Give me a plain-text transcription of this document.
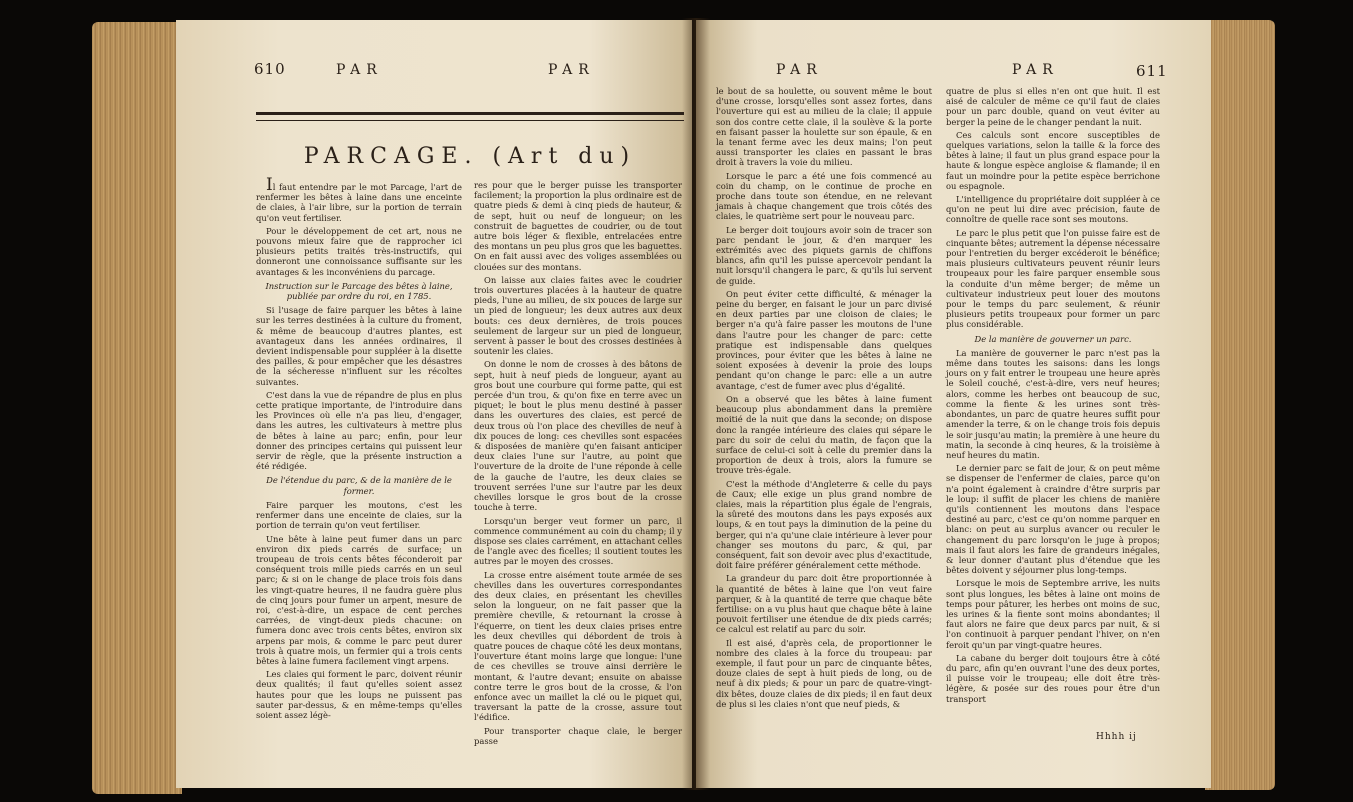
610	PAR	PAR
PARCAGE. (Art du)

Il faut entendre par le mot Parcage, l'art de renfermer les bêtes à laine dans une enceinte de claies, à l'air libre, sur la portion de terrain qu'on veut fertiliser.

Pour le développement de cet art, nous ne pouvons mieux faire que de rapprocher ici plusieurs petits traités très-instructifs, qui donneront une connoissance suffisante sur les avantages & les inconvéniens du parcage.

Instruction sur le Parcage des bêtes à laine, publiée par ordre du roi, en 1785.

Si l'usage de faire parquer les bêtes à laine sur les terres destinées à la culture du froment, & même de beaucoup d'autres plantes, est avantageux dans les années ordinaires, il devient indispensable pour suppléer à la disette des pailles, & pour empêcher que les désastres de la sécheresse n'influent sur les récoltes suivantes.

C'est dans la vue de répandre de plus en plus cette pratique importante, de l'introduire dans les Provinces où elle n'a pas lieu, d'engager, dans les autres, les cultivateurs à mettre plus de bêtes à laine au parc; enfin, pour leur donner des principes certains qui puissent leur servir de règle, que la présente instruction a été rédigée.

De l'étendue du parc, & de la manière de le former.

Faire parquer les moutons, c'est les renfermer dans une enceinte de claies, sur la portion de terrain qu'on veut fertiliser.

Une bête à laine peut fumer dans un parc environ dix pieds carrés de surface; un troupeau de trois cents bêtes féconderoit par conséquent trois mille pieds carrés en un seul parc; & si on le change de place trois fois dans les vingt-quatre heures, il ne faudra guère plus de cinq jours pour fumer un arpent, mesure de roi, c'est-à-dire, un espace de cent perches carrées, de vingt-deux pieds chacune: on fumera donc avec trois cents bêtes, environ six arpens par mois, & comme le parc peut durer trois à quatre mois, un fermier qui a trois cents bêtes à laine fumera facilement vingt arpens.

Les claies qui forment le parc, doivent réunir deux qualités; il faut qu'elles soient assez hautes pour que les loups ne puissent pas sauter par-dessus, & en même-temps qu'elles soient assez légè-

res pour que le berger puisse les transporter facilement; la proportion la plus ordinaire est de quatre pieds & demi à cinq pieds de hauteur, & de sept, huit ou neuf de longueur; on les construit de baguettes de coudrier, ou de tout autre bois léger & flexible, entrelacées entre des montans un peu plus gros que les baguettes. On en fait aussi avec des voliges assemblées ou clouées sur des montans.

On laisse aux claies faites avec le coudrier trois ouvertures placées à la hauteur de quatre pieds, l'une au milieu, de six pouces de large sur un pied de longueur; les deux autres aux deux bouts: ces deux dernières, de trois pouces seulement de largeur sur un pied de longueur, servent à passer le bout des crosses destinées à soutenir les claies.

On donne le nom de crosses à des bâtons de sept, huit à neuf pieds de longueur, ayant au gros bout une courbure qui forme patte, qui est percée d'un trou, & qu'on fixe en terre avec un piquet; le bout le plus menu destiné à passer dans les ouvertures des claies, est percé de deux trous où l'on place des chevilles de neuf à dix pouces de long: ces chevilles sont espacées & disposées de manière qu'en faisant anticiper deux claies l'une sur l'autre, au point que l'ouverture de la droite de l'une réponde à celle de la gauche de l'autre, les deux claies se trouvent serrées l'une sur l'autre par les deux chevilles lorsque le gros bout de la crosse touche à terre.

Lorsqu'un berger veut former un parc, il commence communément au coin du champ; il y dispose ses claies carrément, en attachant celles de l'angle avec des ficelles; il soutient toutes les autres par le moyen des crosses.

La crosse entre aisément toute armée de ses chevilles dans les ouvertures correspondantes des deux claies, en présentant les chevilles selon la longueur, on ne fait passer que la première cheville, & retournant la crosse à l'équerre, on tient les deux claies prises entre les deux chevilles qui débordent de trois à quatre pouces de chaque côté les deux montans, l'ouverture étant moins large que longue: l'une de ces chevilles se trouve ainsi derrière le montant, & l'autre devant; ensuite on abaisse contre terre le gros bout de la crosse, & l'on enfonce avec un maillet la clé ou le piquet qui, traversant la patte de la crosse, assure tout l'édifice.

Pour transporter chaque claie, le berger passe

PAR	PAR	611

le bout de sa houlette, ou souvent même le bout d'une crosse, lorsqu'elles sont assez fortes, dans l'ouverture qui est au milieu de la claie; il appuie son dos contre cette claie, il la soulève & la porte en faisant passer la houlette sur son épaule, & en la tenant ferme avec les deux mains; l'on peut aussi transporter les claies en passant le bras droit à travers la voie du milieu.

Lorsque le parc a été une fois commencé au coin du champ, on le continue de proche en proche dans toute son étendue, en ne relevant jamais à chaque changement que trois côtés des claies, le quatrième sert pour le nouveau parc.

Le berger doit toujours avoir soin de tracer son parc pendant le jour, & d'en marquer les extrémités avec des piquets garnis de chiffons blancs, afin qu'il les puisse apercevoir pendant la nuit lorsqu'il changera le parc, & qu'ils lui servent de guide.

On peut éviter cette difficulté, & ménager la peine du berger, en faisant le jour un parc divisé en deux parties par une cloison de claies; le berger n'a qu'à faire passer les moutons de l'une dans l'autre pour les changer de parc: cette pratique est indispensable dans quelques provinces, pour éviter que les bêtes à laine ne soient exposées à devenir la proie des loups pendant qu'on change le parc: elle a un autre avantage, c'est de fumer avec plus d'égalité.

On a observé que les bêtes à laine fument beaucoup plus abondamment dans la première moitié de la nuit que dans la seconde; on dispose donc la rangée intérieure des claies qui sépare le parc du soir de celui du matin, de façon que la surface de celui-ci soit à celle du premier dans la proportion de deux à trois, alors la fumure se trouve très-égale.

C'est la méthode d'Angleterre & celle du pays de Caux; elle exige un plus grand nombre de claies, mais la répartition plus égale de l'engrais, la sûreté des moutons dans les pays exposés aux loups, & en tout pays la diminution de la peine du berger, qui n'a qu'une claie intérieure à lever pour changer ses moutons du parc, & qui, par conséquent, fait son devoir avec plus d'exactitude, doit faire préférer généralement cette méthode.

La grandeur du parc doit être proportionnée à la quantité de bêtes à laine que l'on veut faire parquer, & à la quantité de terre que chaque bête fertilise: on a vu plus haut que chaque bête à laine pouvoit fertiliser une étendue de dix pieds carrés; ce calcul est relatif au parc du soir.

Il est aisé, d'après cela, de proportionner le nombre des claies à la force du troupeau: par exemple, il faut pour un parc de cinquante bêtes, douze claies de sept à huit pieds de long, ou de neuf à dix pieds; & pour un parc de quatre-vingt-dix bêtes, douze claies de dix pieds; il en faut deux de plus si les claies n'ont que neuf pieds, &

quatre de plus si elles n'en ont que huit. Il est aisé de calculer de même ce qu'il faut de claies pour un parc double, quand on veut éviter au berger la peine de le changer pendant la nuit.

Ces calculs sont encore susceptibles de quelques variations, selon la taille & la force des bêtes à laine; il faut un plus grand espace pour la haute & longue espèce angloise & flamande; il en faut un moindre pour la petite espèce berrichone ou espagnole.

L'intelligence du propriétaire doit suppléer à ce qu'on ne peut lui dire avec précision, faute de connoître de quelle race sont ses moutons.

Le parc le plus petit que l'on puisse faire est de cinquante bêtes; autrement la dépense nécessaire pour l'entretien du berger excéderoit le bénéfice; mais plusieurs cultivateurs peuvent réunir leurs troupeaux pour les faire parquer ensemble sous la conduite d'un même berger; de même un cultivateur industrieux peut louer des moutons pour le temps du parc seulement, & réunir plusieurs petits troupeaux pour former un parc plus considérable.

De la manière de gouverner un parc.

La manière de gouverner le parc n'est pas la même dans toutes les saisons: dans les longs jours on y fait entrer le troupeau une heure après le Soleil couché, c'est-à-dire, vers neuf heures; alors, comme les herbes ont beaucoup de suc, comme la fiente & les urines sont très-abondantes, un parc de quatre heures suffit pour amender la terre, & on le change trois fois depuis le soir jusqu'au matin; la première à une heure du matin, la seconde à cinq heures, & la troisième à neuf heures du matin.

Le dernier parc se fait de jour, & on peut même se dispenser de l'enfermer de claies, parce qu'on n'a point également à craindre d'être surpris par le loup: il suffit de placer les chiens de manière qu'ils contiennent les moutons dans l'espace destiné au parc, c'est ce qu'on nomme parquer en blanc: on peut au surplus avancer ou reculer le changement du parc lorsqu'on le juge à propos; mais il faut alors les faire de grandeurs inégales, & leur donner d'autant plus d'étendue que les bêtes doivent y séjourner plus long-temps.

Lorsque le mois de Septembre arrive, les nuits sont plus longues, les bêtes à laine ont moins de temps pour pâturer, les herbes ont moins de suc, les urines & la fiente sont moins abondantes; il faut alors ne faire que deux parcs par nuit, & si l'on continuoit à parquer pendant l'hiver, on n'en feroit qu'un par vingt-quatre heures.

La cabane du berger doit toujours être à côté du parc, afin qu'en ouvrant l'une des deux portes, il puisse voir le troupeau; elle doit être très-légère, & posée sur des roues pour être d'un transport

Hhhh ij
